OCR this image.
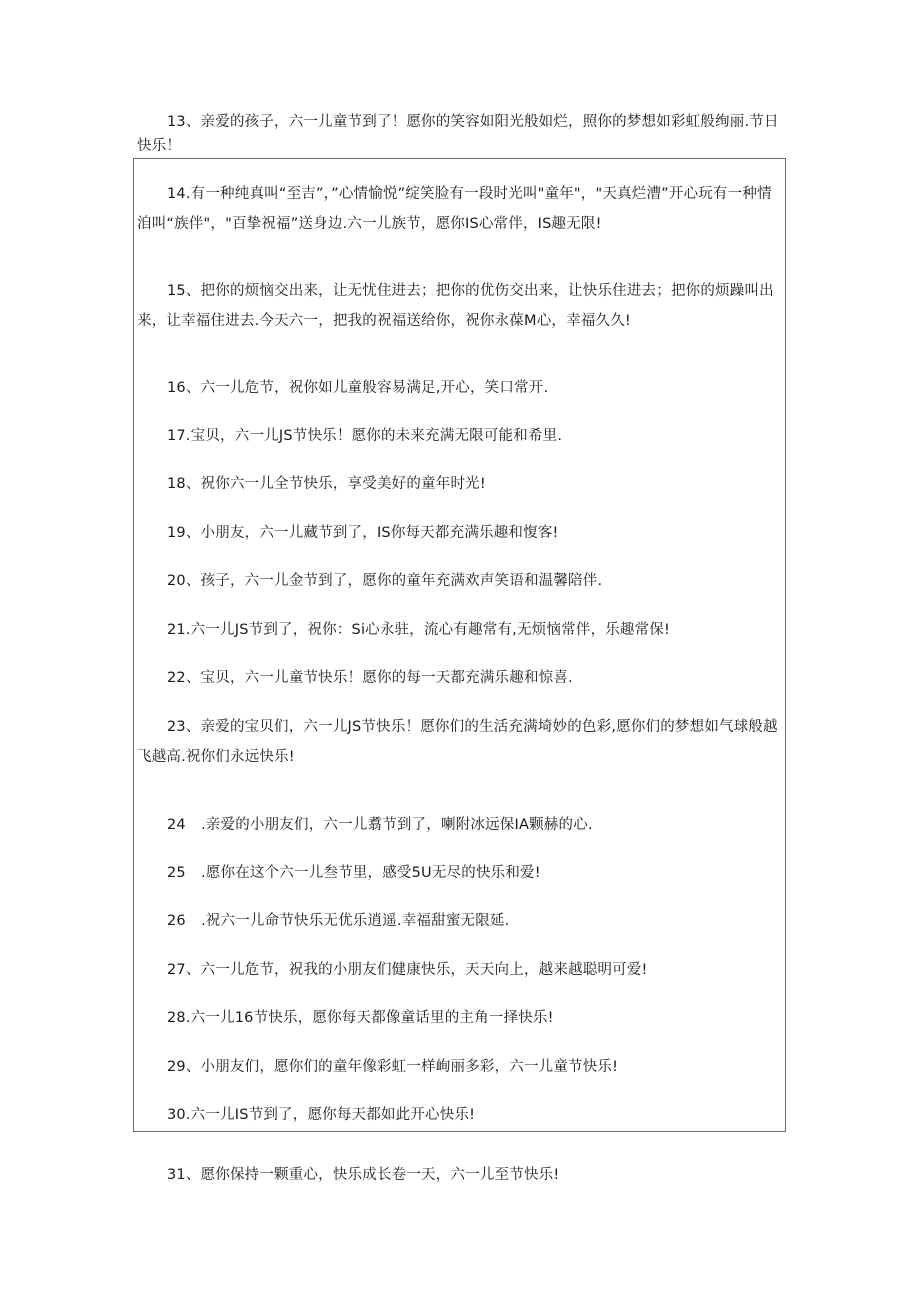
13、亲爱的孩子，六一儿童节到了！愿你的笑容如阳光般如烂，照你的梦想如彩虹般绚丽.节日快乐！

14.有一种纯真叫“至吉”，”心情愉悦”绽笑脸有一段时光叫"童年"，"天真烂漕”开心玩有一种情洎叫“族伴"，"百挚祝福”送身边.六一儿族节，愿你IS心常伴，IS趣无限!

15、把你的烦恼交出来，让无忧住进去；把你的优伤交出来，让快乐住进去；把你的烦躁叫出来，让幸福住进去.今天六一，把我的祝福送给你，祝你永葆M心，幸福久久!

16、六一儿危节，祝你如儿童般容易满足,开心，笑口常开.

17.宝贝，六一儿JS节快乐！愿你的未来充满无限可能和希里.

18、祝你六一儿全节快乐，享受美好的童年时光!

19、小朋友，六一儿藏节到了，IS你每天都充满乐趣和愎客!

20、孩子，六一儿金节到了，愿你的童年充满欢声笑语和温馨陪伴.

21.六一儿JS节到了，祝你：Si心永驻，流心有趣常有,无烦恼常伴，乐趣常保!

22、宝贝，六一儿童节快乐！愿你的每一天都充满乐趣和惊喜.

23、亲爱的宝贝们，六一儿JS节快乐！愿你们的生活充满埼妙的色彩,愿你们的梦想如气球般越飞越高.祝你们永远快乐!

24 .亲爱的小朋友们，六一儿翥节到了，喇附冰远保IA颗赫的心.
25 .愿你在这个六一儿叁节里，感受5U无尽的快乐和爱!
26 .祝六一儿命节快乐无优乐逍遥.幸福甜蜜无限延.

27、六一儿危节，祝我的小朋友们健康快乐，天天向上，越来越聪明可爱!

28.六一儿16节快乐，愿你每天都像童话里的主角一择快乐!

29、小朋友们，愿你们的童年像彩虹一样峋丽多彩，六一儿童节快乐!

30.六一儿IS节到了，愿你每天都如此开心快乐!

31、愿你保持一颗重心，快乐成长卷一天，六一儿至节快乐!
